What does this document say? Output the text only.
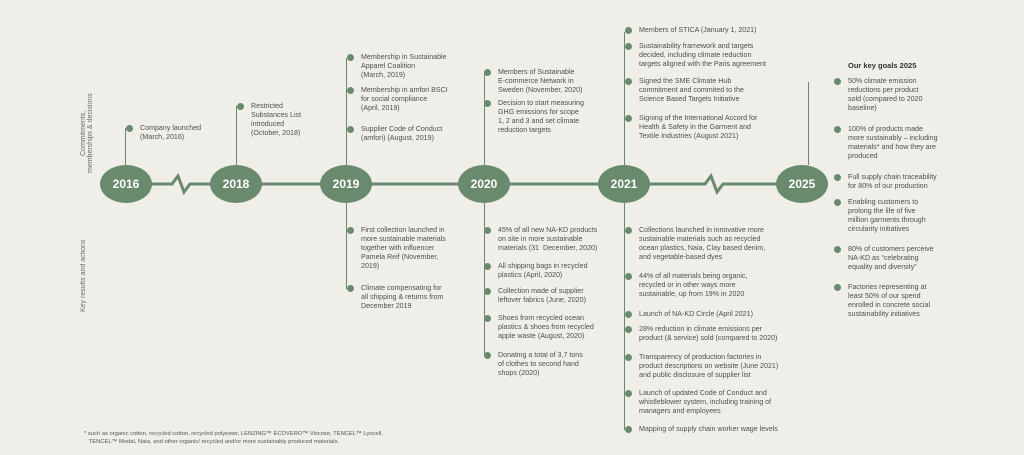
Commitments, memberships & decisions
Key results and actions
2016	2018	2019	2020	2021	2025
Company launched
(March, 2016)
Restricted
Substances List
introduced
(October, 2018)
Membership in Sustainable
Apparel Coalition
(March, 2019)
Membership in amfori BSCI
for social compliance
(April, 2019)
Supplier Code of Conduct
(amfori) (August, 2019)
Members of Sustainable
E-commerce Network in
Sweden (November, 2020)
Decision to start measuring
GHG emissions for scope
1, 2 and 3 and set climate
reduction targets
Members of STICA (January 1, 2021)
Sustainability framework and targets
decided, including climate reduction
targets aligned with the Paris agreement
Signed the SME Climate Hub
commitment and commited to the
Science Based Targets Initiative
Signing of the International Accord for
Health & Safety in the Garment and
Textile Industries (August 2021)
First collection launched in
more sustainable materials
together with influencer
Pamela Reif (November,
2019)
Climate compensating for
all shipping & returns from
December 2019
45% of all new NA-KD products
on site in more sustainable
materials (31  December, 2020)
All shipping bags in recycled
plastics (April, 2020)
Collection made of supplier
leftover fabrics (June, 2020)
Shoes from recycled ocean
plastics & shoes from recycled
apple waste (August, 2020)
Donating a total of 3,7 tons
of clothes to second hand
shops (2020)
Collections launched in innovative more
sustainable materials such as recycled
ocean plastics, Naia, Clay based denim,
and vegetable-based dyes
44% of all materials being organic,
recycled or in other ways more
sustainable, up from 19% in 2020
Launch of NA-KD Circle (April 2021)
28% reduction in climate emissions per
product (& service) sold (compared to 2020)
Transparency of production factories in
product descriptions on website (June 2021)
and public disclosure of supplier list
Launch of updated Code of Conduct and
whistleblower system, including training of
managers and employees
Mapping of supply chain worker wage levels
50% climate emission
reductions per product
sold (compared to 2020
baseline)
100% of products made
more sustainably – including
materials* and how they are
produced
Full supply chain traceability
for 80% of our production
Enabling customers to
prolong the life of five
million garments through
circularity initiatives
80% of customers perceive
NA-KD as “celebrating
equality and diversity”
Factories representing at
least 50% of our spend
enrolled in concrete social
sustainability initiatives
Our key goals 2025
* such as organic cotton, recycled cotton, recycled polyester, LENZING™ ECOVERO™ Viscose, TENCEL™ Lyocell,
TENCEL™ Modal, Naia, and other organic/ recycled and/or more sustainably produced materials.
